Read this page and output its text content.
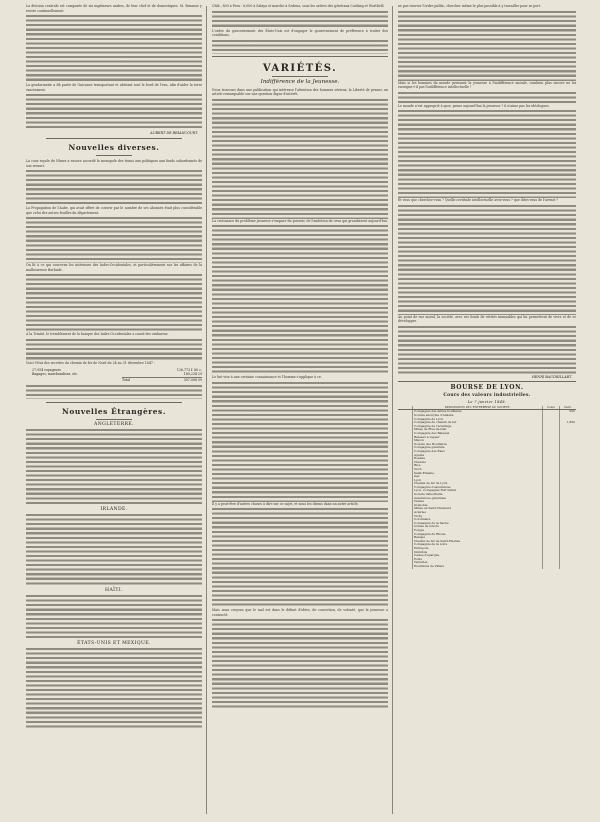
La division centrale est composée de six ingénieurs arabes, de leur chef et de domestiques. M. Brunner y rentre continuellement.

La gendarmerie a dû partir de Guicanes transportant et abritant tout le bord de l'eau, afin d'aider la terre exactement.

AUBERT DE BRIANCOURT.
Nouvelles diverses.

La cour royale de Nîmes a encore accordé le monopole des tissus aux politiques aux fonds subordonnés de son ressort.

La Propagation de l'Aube, qui avait offert de couvrir par le nombre de ses abonnés était plus considérable que celui des autres feuilles du département.

On lit à ce qui concerne les intérieurs des Indes-Occidentales, et particulièrement sur les affaires de la malheureuse Barbade.

A la Trinité, le tremblement de la banque des Indes-Occidentales a causé des embarras.

Voici l'état des recettes du chemin de fer de Nord du 24 au 31 décembre 1847 :

27,954 voyageurs	126,773 f. 80 c.
Bagages, marchandises, etc.	180,234 29
Total	307,008 09
Nouvelles Étrangères.
ANGLETERRE.
IRLANDE.
HAÏTI.
ÉTATS-UNIS ET MEXIQUE.

Chili ; 800 à Peru : 6,000 à Salaya et marche à Sedena, sous les ordres des généraux Cushing et Worthvill.

L'ordre du gouvernement des États-Unis est d'engager le gouvernement de préférence à traiter des conditions.

VARIÉTÉS.
Indifférence de la Jeunesse.

Nous trouvons dans une publication qui intéresse l'attention des hommes sérieux, la Liberté de penser, un article remarquable sur une question digne d'intérêt.

La croissance du problème jeunesse s'empare du pouvoir, de l'ambition de ceux qui grandissent aujourd'hui.

Le but vise à une certaine connaissance et l'homme s'applique à ce.

Il y a peut-être d'autres choses à dire sur ce sujet, et nous les dirons dans un autre article.

Mais nous croyons que le mal est dans le défaut d'idées, de conviction, de volonté, que la jeunesse a contracté.

ne pas trouver l'ordre public, chercher même le plus possible à y travailler pour se port.

Mais si les hommes du monde prennent la jeunesse à l'indifférence morale, combien plus encore ne lui enseigne-t-il pas l'indifférence intellectuelle !

Le monde n'est approprié à quoi, pense aujourd'hui la jeunesse ? il n'aime pas les idéologues.

Et vous que cherchez-vous ? Quelle certitude intellectuelle avez-vous ? que dites-vous de l'avenir ?

Au point de vue moral, la société, avec ses fonds de vérités immuables qui lui permettent de vivre et de se développer.

HENRI BAUDRILLART.
BOURSE DE LYON.
Cours des valeurs industrielles.
Le 7 janvier 1848.
	DÉSIGNATION DE L'ENTREPRISE OU SOCIÉTÉ.	Cours	Dern.
	Compagnie des mines houillères		950
	Société anonyme d'Amiens		
	Compagnie de Lyon		
	Compagnie du chemin de fer		1,800
	Compagnie de l'éclairage		
	Mines de Rive-de-Gier		
	Compagnie des Bateaux		
	Bateaux à vapeur		
	Mâcon		
	Société des Houillères		
	Compagnie générale		
	Compagnie des Eaux		
	Agents		
	Roanne		
	Chalons		
	Rive		
	Nord		
	Saint-Étienne		
	Gaz		
	Lyon		
	Chemin de fer de Lyon		
	Compagnie d'assurances		
	Lyon, Compagnie Ferrouillat		
	Société industrielle		
	Assurances générales		
	Vienne		
	Grenoble		
	Mines de Saint-Chamond		
	Aciéries		
	Vichy		
	Cotonnière		
	Compagnie de la Saône		
	Usines de Givors		
	Forges		
	Compagnie du Rhône		
	Banque		
	Chemin de fer de Saint-Étienne		
	Compagnie de la Loire		
	Entrepôts		
	Omnibus		
	Caisse d'épargne		
	Ponts		
	Verreries		
	Houillères de Villars		
